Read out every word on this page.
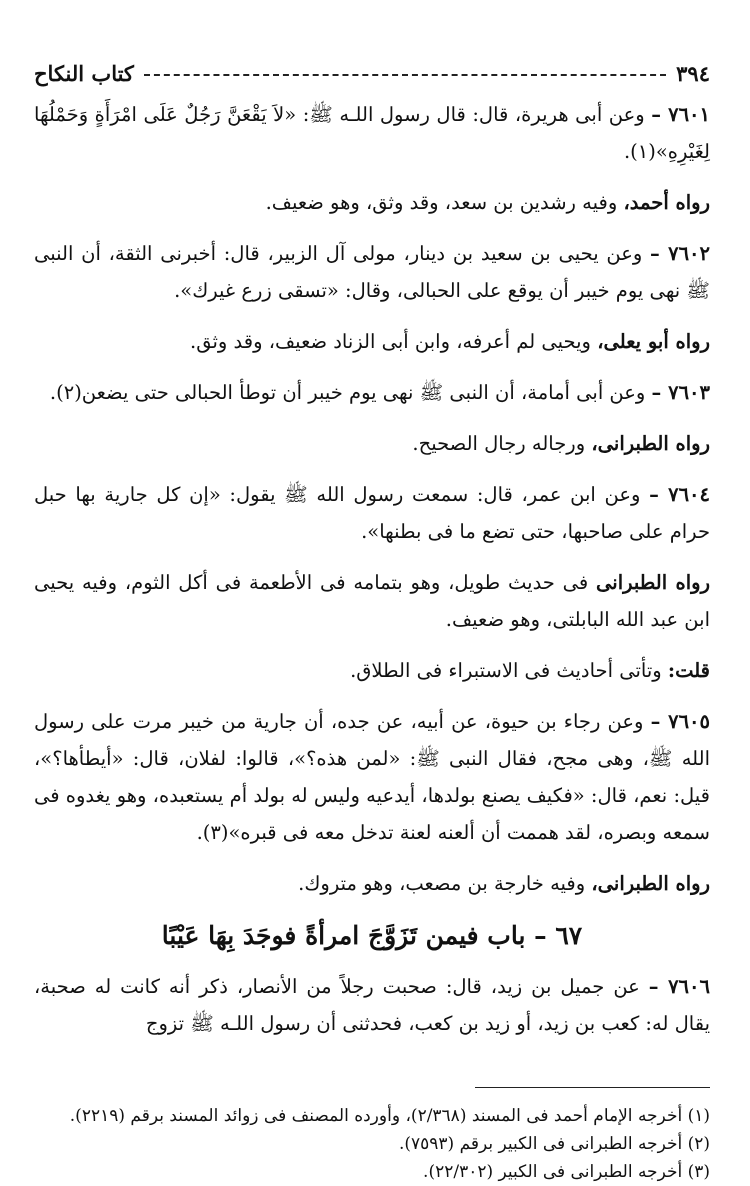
٣٩٤
كتاب النكاح
٧٦٠١ – وعن أبى هريرة، قال: قال رسول اللـه ﷺ: «لاَ يَقْعَنَّ رَجُلٌ عَلَى امْرَأَةٍ وَحَمْلُهَا لِغَيْرِهِ»(١).
رواه أحمد، وفيه رشدين بن سعد، وقد وثق، وهو ضعيف.
٧٦٠٢ – وعن يحيى بن سعيد بن دينار، مولى آل الزبير، قال: أخبرنى الثقة، أن النبى ﷺ نهى يوم خيبر أن يوقع على الحبالى، وقال: «تسقى زرع غيرك».
رواه أبو يعلى، ويحيى لم أعرفه، وابن أبى الزناد ضعيف، وقد وثق.
٧٦٠٣ – وعن أبى أمامة، أن النبى ﷺ نهى يوم خيبر أن توطأ الحبالى حتى يضعن(٢).
رواه الطبرانى، ورجاله رجال الصحيح.
٧٦٠٤ – وعن ابن عمر، قال: سمعت رسول الله ﷺ يقول: «إن كل جارية بها حبل حرام على صاحبها، حتى تضع ما فى بطنها».
رواه الطبرانى فى حديث طويل، وهو بتمامه فى الأطعمة فى أكل الثوم، وفيه يحيى ابن عبد الله البابلتى، وهو ضعيف.
قلت: وتأتى أحاديث فى الاستبراء فى الطلاق.
٧٦٠٥ – وعن رجاء بن حيوة، عن أبيه، عن جده، أن جارية من خيبر مرت على رسول الله ﷺ، وهى مجح، فقال النبى ﷺ: «لمن هذه؟»، قالوا: لفلان، قال: «أيطأها؟»، قيل: نعم، قال: «فكيف يصنع بولدها، أيدعيه وليس له بولد أم يستعبده، وهو يغدوه فى سمعه وبصره، لقد هممت أن ألعنه لعنة تدخل معه فى قبره»(٣).
رواه الطبرانى، وفيه خارجة بن مصعب، وهو متروك.
٦٧ – باب فيمن تَزَوَّجَ امرأةً فوجَدَ بِهَا عَيْبًا
٧٦٠٦ – عن جميل بن زيد، قال: صحبت رجلاً من الأنصار، ذكر أنه كانت له صحبة، يقال له: كعب بن زيد، أو زيد بن كعب، فحدثنى أن رسول اللـه ﷺ تزوج
(١) أخرجه الإمام أحمد فى المسند (٢/٣٦٨)، وأورده المصنف فى زوائد المسند برقم (٢٢١٩).
(٢) أخرجه الطبرانى فى الكبير برقم (٧٥٩٣).
(٣) أخرجه الطبرانى فى الكبير (٢٢/٣٠٢).
